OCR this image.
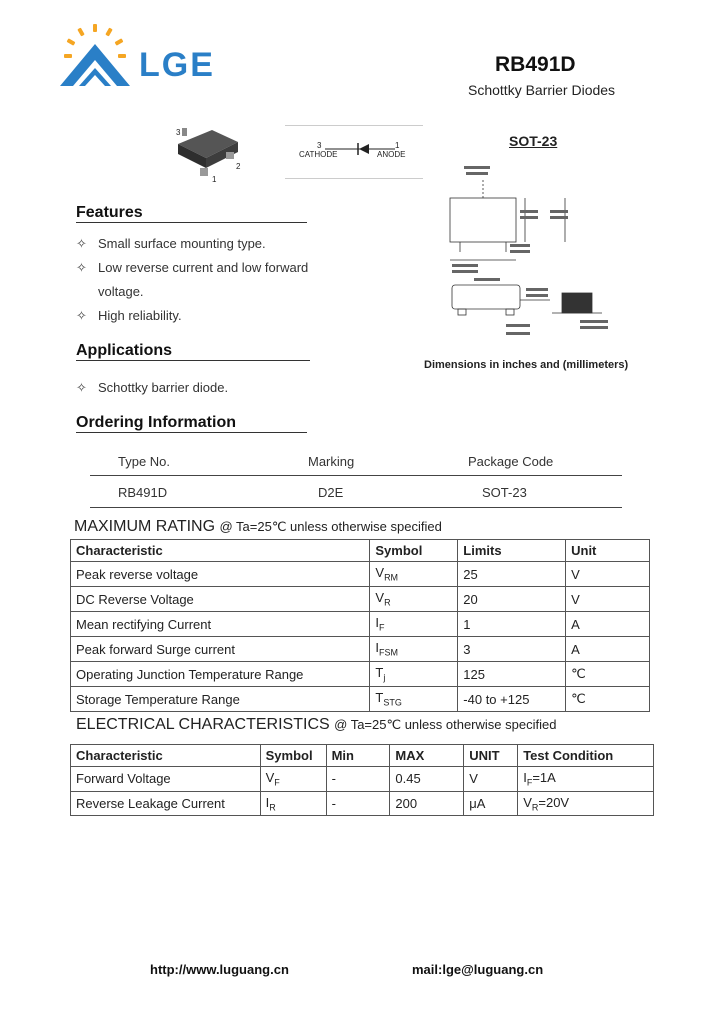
LGE	RB491D
Schottky Barrier Diodes
3
2
1
3	1
CATHODE	ANODE
SOT-23
Dimensions in inches and (millimeters)
Features
✧ Small surface mounting type.
✧ Low reverse current and low forward
voltage.
✧ High reliability.
Applications
✧ Schottky barrier diode.
Ordering Information
Type No.	Marking	Package Code
RB491D	D2E	SOT-23
MAXIMUM RATING @ Ta=25℃ unless otherwise specified
Characteristic	Symbol	Limits	Unit
Peak reverse voltage	$V_{RM}$	25	V
DC Reverse Voltage	$V_R$	20	V
Mean rectifying Current	$I_F$	1	A
Peak forward Surge current	$I_{FSM}$	3	A
Operating Junction Temperature Range	$T_j$	125	℃
Storage Temperature Range	$T_{STG}$	-40 to +125	℃
ELECTRICAL CHARACTERISTICS @ Ta=25℃ unless otherwise specified
Characteristic	Symbol	Min	MAX	UNIT	Test Condition
Forward Voltage	$V_F$	-	0.45	V	$I_F=1A$
Reverse Leakage Current	$I_R$	-	200	μA	$V_R=20V$
http://www.luguang.cn	mail:lge@luguang.cn
